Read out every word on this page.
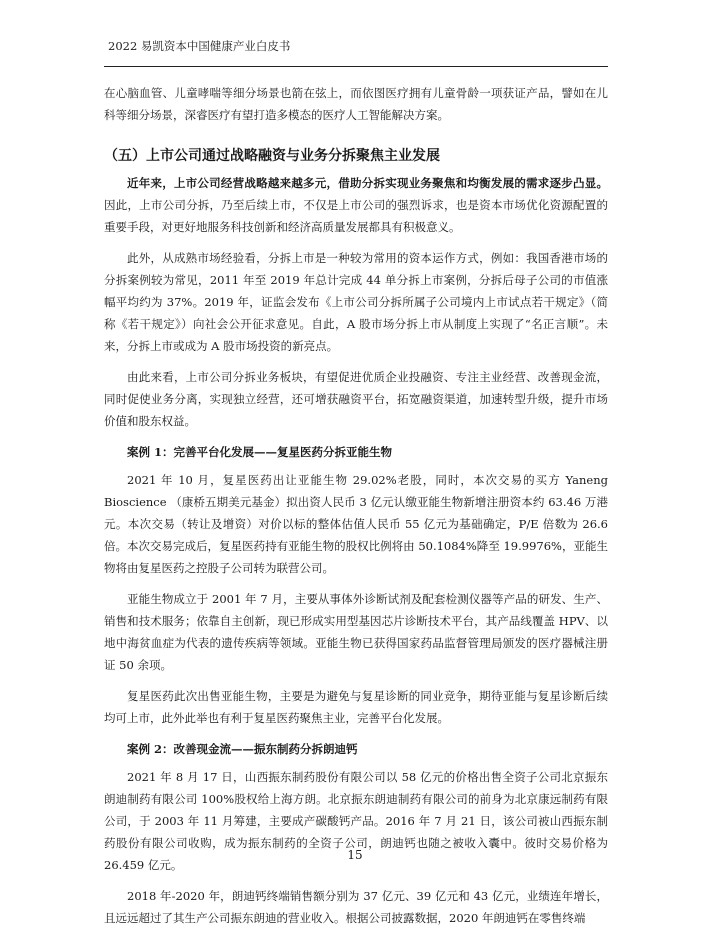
2022 易凯资本中国健康产业白皮书

在心脑血管、儿童哮喘等细分场景也箭在弦上，而依图医疗拥有儿童骨龄一项获证产品，譬如在儿科等细分场景，深睿医疗有望打造多模态的医疗人工智能解决方案。

（五）上市公司通过战略融资与业务分拆聚焦主业发展

近年来，上市公司经营战略越来越多元，借助分拆实现业务聚焦和均衡发展的需求逐步凸显。因此，上市公司分拆，乃至后续上市，不仅是上市公司的强烈诉求，也是资本市场优化资源配置的重要手段，对更好地服务科技创新和经济高质量发展都具有积极意义。

此外，从成熟市场经验看，分拆上市是一种较为常用的资本运作方式，例如：我国香港市场的分拆案例较为常见，2011 年至 2019 年总计完成 44 单分拆上市案例，分拆后母子公司的市值涨幅平均约为 37%。2019 年，证监会发布《上市公司分拆所属子公司境内上市试点若干规定》（简称《若干规定》）向社会公开征求意见。自此，A 股市场分拆上市从制度上实现了“名正言顺”。未来，分拆上市或成为 A 股市场投资的新亮点。

由此来看，上市公司分拆业务板块，有望促进优质企业投融资、专注主业经营、改善现金流，同时促使业务分离，实现独立经营，还可增获融资平台，拓宽融资渠道，加速转型升级，提升市场价值和股东权益。

案例 1：完善平台化发展——复星医药分拆亚能生物

2021 年 10 月，复星医药出让亚能生物 29.02%老股，同时，本次交易的买方 Yaneng Bioscience （康桥五期美元基金）拟出资人民币 3 亿元认缴亚能生物新增注册资本约 63.46 万港元。本次交易（转让及增资）对价以标的整体估值人民币 55 亿元为基础确定，P/E 倍数为 26.6 倍。本次交易完成后，复星医药持有亚能生物的股权比例将由 50.1084%降至 19.9976%，亚能生物将由复星医药之控股子公司转为联营公司。

亚能生物成立于 2001 年 7 月，主要从事体外诊断试剂及配套检测仪器等产品的研发、生产、销售和技术服务；依靠自主创新，现已形成实用型基因芯片诊断技术平台，其产品线覆盖 HPV、以地中海贫血症为代表的遗传疾病等领域。亚能生物已获得国家药品监督管理局颁发的医疗器械注册证 50 余项。

复星医药此次出售亚能生物，主要是为避免与复星诊断的同业竞争，期待亚能与复星诊断后续均可上市，此外此举也有利于复星医药聚焦主业，完善平台化发展。

案例 2：改善现金流——振东制药分拆朗迪钙

2021 年 8 月 17 日，山西振东制药股份有限公司以 58 亿元的价格出售全资子公司北京振东朗迪制药有限公司 100%股权给上海方朗。北京振东朗迪制药有限公司的前身为北京康远制药有限公司，于 2003 年 11 月筹建，主要成产碳酸钙产品。2016 年 7 月 21 日，该公司被山西振东制药股份有限公司收购，成为振东制药的全资子公司，朗迪钙也随之被收入囊中。彼时交易价格为 26.459 亿元。

2018 年-2020 年，朗迪钙终端销售额分别为 37 亿元、39 亿元和 43 亿元，业绩连年增长，且远远超过了其生产公司振东朗迪的营业收入。根据公司披露数据，2020 年朗迪钙在零售终端

15
